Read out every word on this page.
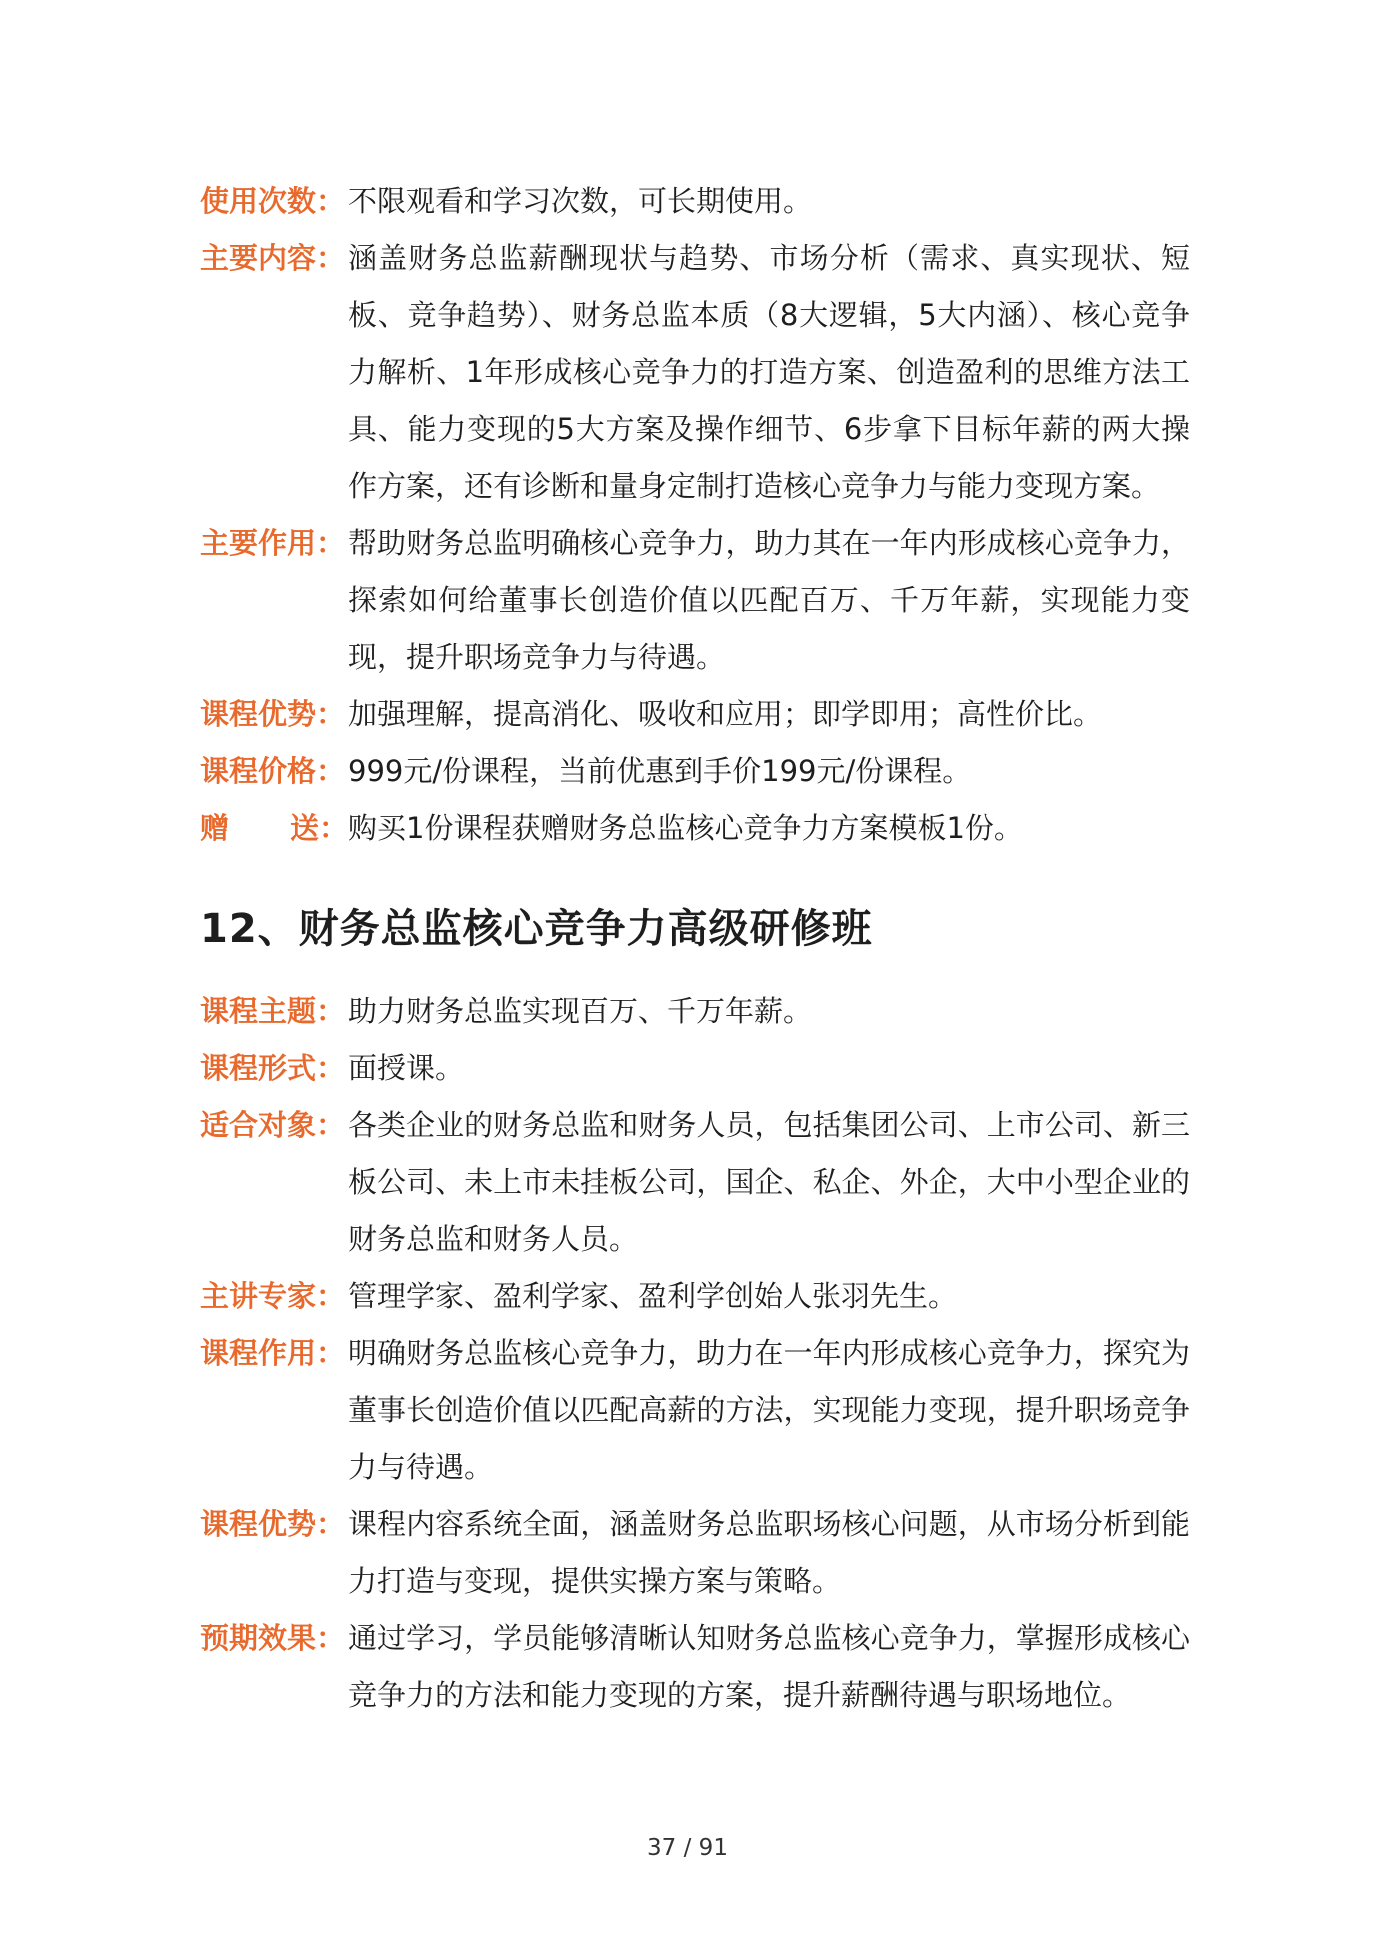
使用次数： 不限观看和学习次数，可长期使用。
主要内容： 涵盖财务总监薪酬现状与趋势、市场分析（需求、真实现状、短板、竞争趋势）、财务总监本质（8大逻辑，5大内涵）、核心竞争力解析、1年形成核心竞争力的打造方案、创造盈利的思维方法工具、能力变现的5大方案及操作细节、6步拿下目标年薪的两大操作方案，还有诊断和量身定制打造核心竞争力与能力变现方案。
主要作用： 帮助财务总监明确核心竞争力，助力其在一年内形成核心竞争力，探索如何给董事长创造价值以匹配百万、千万年薪，实现能力变现，提升职场竞争力与待遇。
课程优势： 加强理解，提高消化、吸收和应用；即学即用；高性价比。
课程价格： 999元/份课程，当前优惠到手价199元/份课程。
赠 送： 购买1份课程获赠财务总监核心竞争力方案模板1份。
12、财务总监核心竞争力高级研修班
课程主题： 助力财务总监实现百万、千万年薪。
课程形式： 面授课。
适合对象： 各类企业的财务总监和财务人员，包括集团公司、上市公司、新三板公司、未上市未挂板公司，国企、私企、外企，大中小型企业的财务总监和财务人员。
主讲专家： 管理学家、盈利学家、盈利学创始人张羽先生。
课程作用： 明确财务总监核心竞争力，助力在一年内形成核心竞争力，探究为董事长创造价值以匹配高薪的方法，实现能力变现，提升职场竞争力与待遇。
课程优势： 课程内容系统全面，涵盖财务总监职场核心问题，从市场分析到能力打造与变现，提供实操方案与策略。
预期效果： 通过学习，学员能够清晰认知财务总监核心竞争力，掌握形成核心竞争力的方法和能力变现的方案，提升薪酬待遇与职场地位。
37 / 91
